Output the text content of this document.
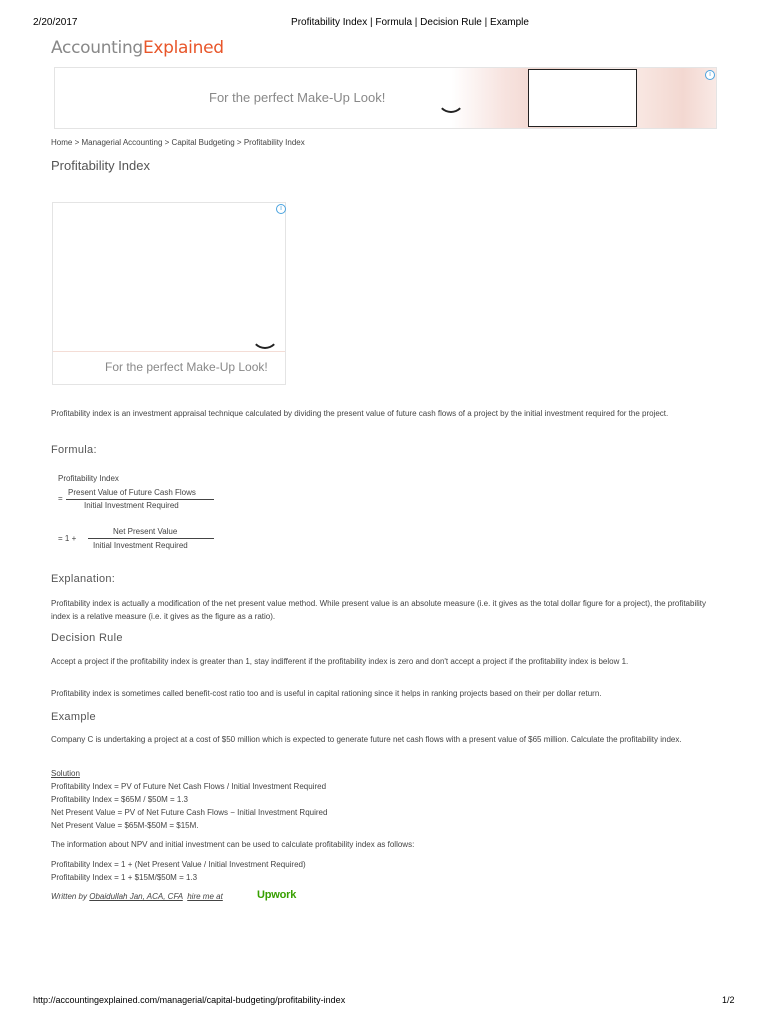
2/20/2017	Profitability Index | Formula | Decision Rule | Example
AccountingExplained
For the perfect Make-Up Look!
i
Home > Managerial Accounting > Capital Budgeting > Profitability Index
Profitability Index
i
For the perfect Make-Up Look!

Profitability index is an investment appraisal technique calculated by dividing the present value of future cash flows of a project by the initial investment required for the project.

Formula:
Profitability Index
=
Present Value of Future Cash Flows
Initial Investment Required
= 1 +
Net Present Value
Initial Investment Required
Explanation:

Profitability index is actually a modification of the net present value method. While present value is an absolute measure (i.e. it gives as the total dollar figure for a project), the profitability index is a relative measure (i.e. it gives as the figure as a ratio).

Decision Rule

Accept a project if the profitability index is greater than 1, stay indifferent if the profitability index is zero and don't accept a project if the profitability index is below 1.

Profitability index is sometimes called benefit-cost ratio too and is useful in capital rationing since it helps in ranking projects based on their per dollar return.

Example

Company C is undertaking a project at a cost of $50 million which is expected to generate future net cash flows with a present value of $65 million. Calculate the profitability index.

Solution
Profitability Index = PV of Future Net Cash Flows / Initial Investment Required
Profitability Index = $65M / $50M = 1.3
Net Present Value = PV of Net Future Cash Flows − Initial Investment Rquired
Net Present Value = $65M-$50M = $15M.

The information about NPV and initial investment can be used to calculate profitability index as follows:

Profitability Index = 1 + (Net Present Value / Initial Investment Required)
Profitability Index = 1 + $15M/$50M = 1.3
Written by Obaidullah Jan, ACA, CFA hire me at	Upwork
http://accountingexplained.com/managerial/capital-budgeting/profitability-index	1/2
